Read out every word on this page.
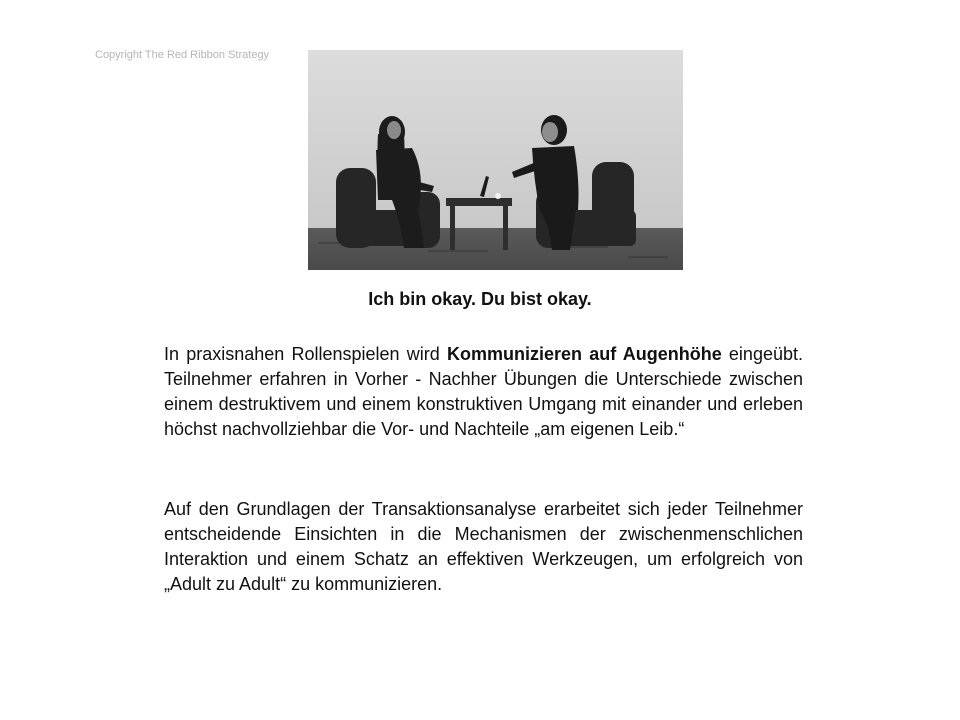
Copyright The Red Ribbon Strategy
Ich bin okay. Du bist okay.

In praxisnahen Rollenspielen wird Kommunizieren auf Augenhöhe eingeübt. Teilnehmer erfahren in Vorher - Nachher Übungen die Unterschiede zwischen einem destruktivem und einem konstruktiven Umgang mit einander und erleben höchst nachvollziehbar die Vor- und Nachteile „am eigenen Leib.“

Auf den Grundlagen der Transaktionsanalyse erarbeitet sich jeder Teilnehmer entscheidende Einsichten in die Mechanismen der zwischenmenschlichen Interaktion und einem Schatz an effektiven Werkzeugen, um erfolgreich von „Adult zu Adult“ zu kommunizieren.
